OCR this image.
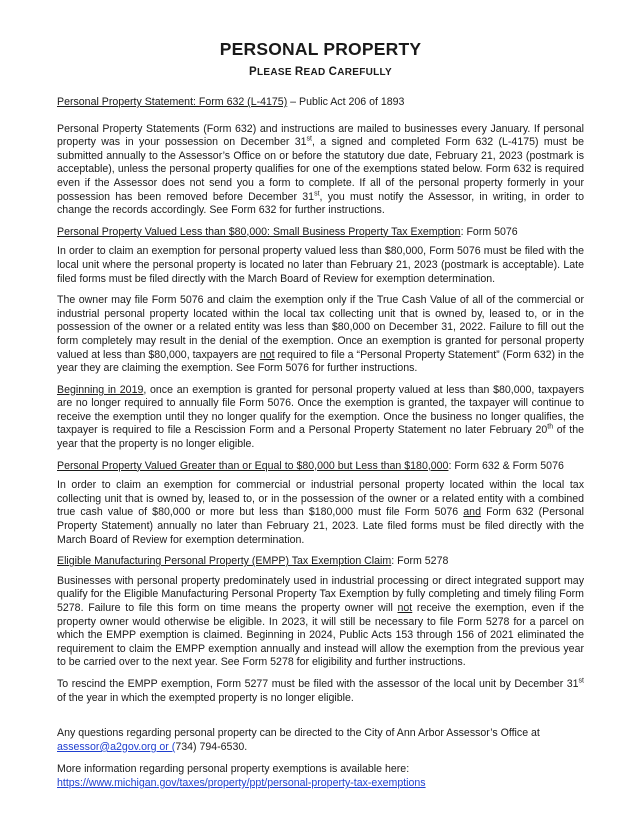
PERSONAL PROPERTY
PLEASE READ CAREFULLY
Personal Property Statement: Form 632 (L-4175) – Public Act 206 of 1893

Personal Property Statements (Form 632) and instructions are mailed to businesses every January. If personal property was in your possession on December 31st, a signed and completed Form 632 (L-4175) must be submitted annually to the Assessor’s Office on or before the statutory due date, February 21, 2023 (postmark is acceptable), unless the personal property qualifies for one of the exemptions stated below. Form 632 is required even if the Assessor does not send you a form to complete. If all of the personal property formerly in your possession has been removed before December 31st, you must notify the Assessor, in writing, in order to change the records accordingly. See Form 632 for further instructions.

Personal Property Valued Less than $80,000: Small Business Property Tax Exemption: Form 5076

In order to claim an exemption for personal property valued less than $80,000, Form 5076 must be filed with the local unit where the personal property is located no later than February 21, 2023 (postmark is acceptable). Late filed forms must be filed directly with the March Board of Review for exemption determination.

The owner may file Form 5076 and claim the exemption only if the True Cash Value of all of the commercial or industrial personal property located within the local tax collecting unit that is owned by, leased to, or in the possession of the owner or a related entity was less than $80,000 on December 31, 2022. Failure to fill out the form completely may result in the denial of the exemption. Once an exemption is granted for personal property valued at less than $80,000, taxpayers are not required to file a “Personal Property Statement” (Form 632) in the year they are claiming the exemption. See Form 5076 for further instructions.

Beginning in 2019, once an exemption is granted for personal property valued at less than $80,000, taxpayers are no longer required to annually file Form 5076. Once the exemption is granted, the taxpayer will continue to receive the exemption until they no longer qualify for the exemption. Once the business no longer qualifies, the taxpayer is required to file a Rescission Form and a Personal Property Statement no later February 20th of the year that the property is no longer eligible.

Personal Property Valued Greater than or Equal to $80,000 but Less than $180,000: Form 632 & Form 5076

In order to claim an exemption for commercial or industrial personal property located within the local tax collecting unit that is owned by, leased to, or in the possession of the owner or a related entity with a combined true cash value of $80,000 or more but less than $180,000 must file Form 5076 and Form 632 (Personal Property Statement) annually no later than February 21, 2023. Late filed forms must be filed directly with the March Board of Review for exemption determination.

Eligible Manufacturing Personal Property (EMPP) Tax Exemption Claim: Form 5278

Businesses with personal property predominately used in industrial processing or direct integrated support may qualify for the Eligible Manufacturing Personal Property Tax Exemption by fully completing and timely filing Form 5278. Failure to file this form on time means the property owner will not receive the exemption, even if the property owner would otherwise be eligible. In 2023, it will still be necessary to file Form 5278 for a parcel on which the EMPP exemption is claimed. Beginning in 2024, Public Acts 153 through 156 of 2021 eliminated the requirement to claim the EMPP exemption annually and instead will allow the exemption from the previous year to be carried over to the next year. See Form 5278 for eligibility and further instructions.

To rescind the EMPP exemption, Form 5277 must be filed with the assessor of the local unit by December 31st of the year in which the exempted property is no longer eligible.

Any questions regarding personal property can be directed to the City of Ann Arbor Assessor’s Office at assessor@a2gov.org or (734) 794-6530.

More information regarding personal property exemptions is available here:

https://www.michigan.gov/taxes/property/ppt/personal-property-tax-exemptions
